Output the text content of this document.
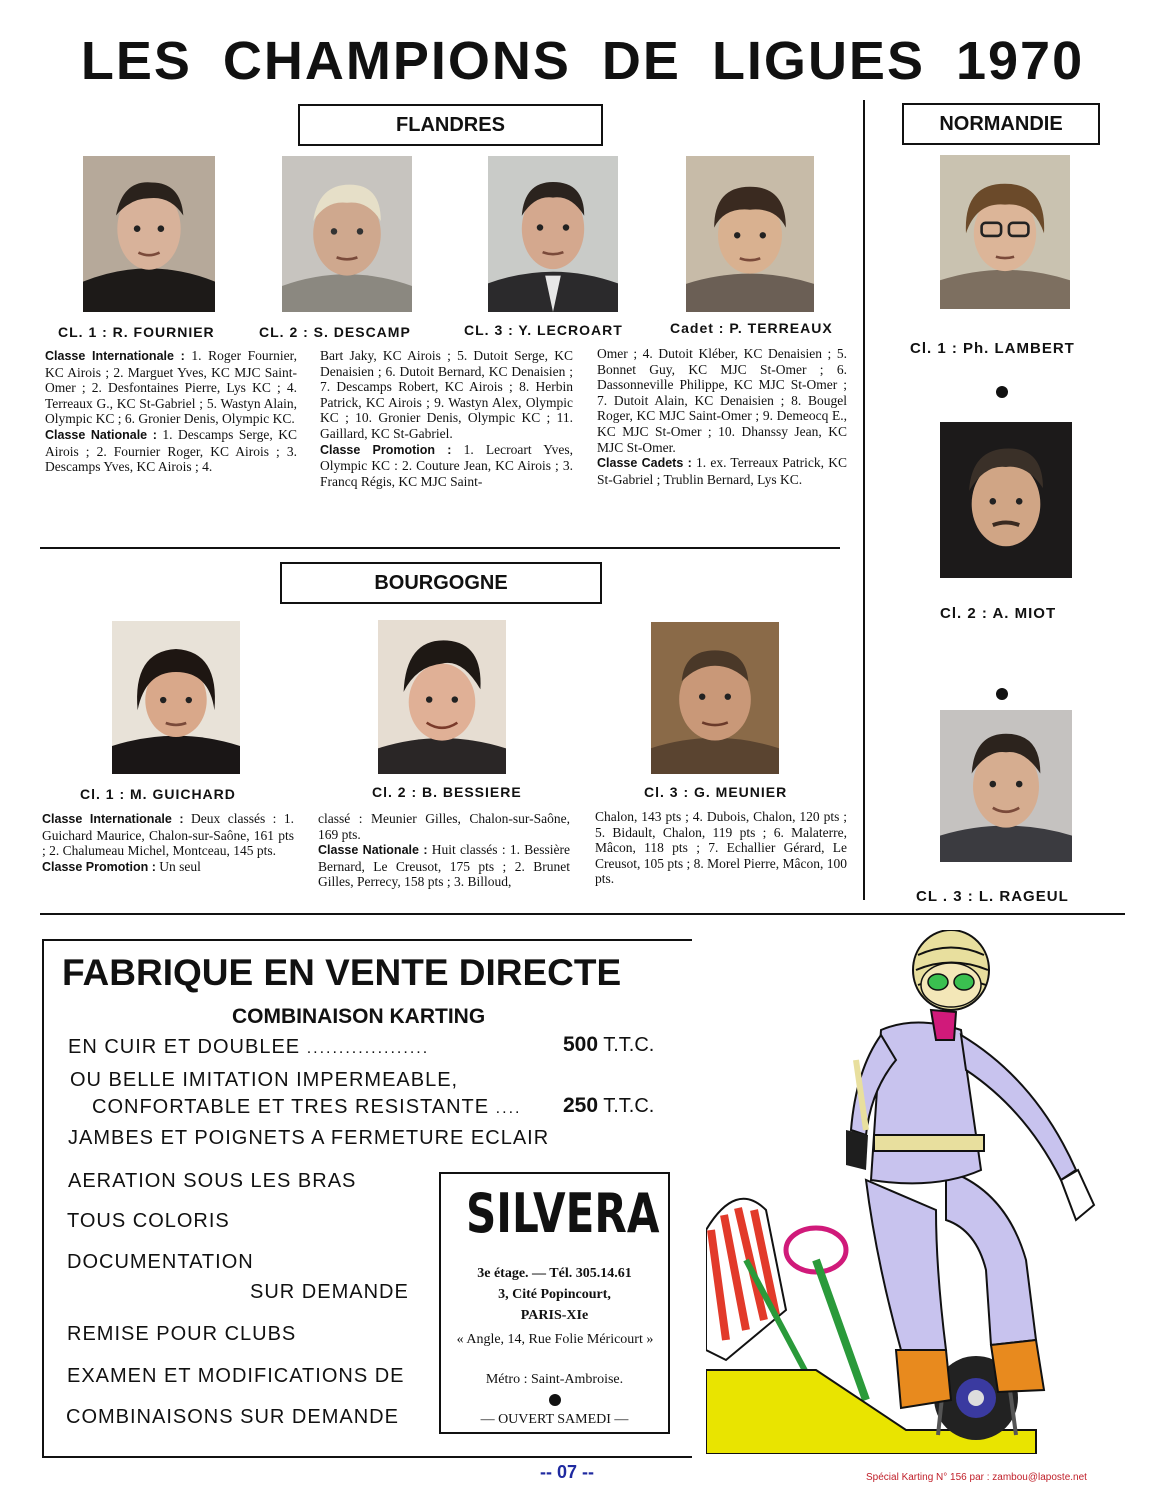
LES CHAMPIONS DE LIGUES 1970
FLANDRES
CL. 1 : R. FOURNIER	CL. 2 : S. DESCAMP	CL. 3 : Y. LECROART	Cadet : P. TERREAUX
Classe Internationale : 1. Roger Fournier, KC Airois ; 2. Marguet Yves, KC MJC Saint-Omer ; 2. Desfontaines Pierre, Lys KC ; 4. Terreaux G., KC St-Gabriel ; 5. Wastyn Alain, Olympic KC ; 6. Gronier Denis, Olympic KC.
Classe Nationale : 1. Descamps Serge, KC Airois ; 2. Fournier Roger, KC Airois ; 3. Descamps Yves, KC Airois ; 4.
Bart Jaky, KC Airois ; 5. Dutoit Serge, KC Denaisien ; 6. Dutoit Bernard, KC Denaisien ; 7. Descamps Robert, KC Airois ; 8. Herbin Patrick, KC Airois ; 9. Wastyn Alex, Olympic KC ; 10. Gronier Denis, Olympic KC ; 11. Gaillard, KC St-Gabriel.
Classe Promotion : 1. Lecroart Yves, Olympic KC : 2. Couture Jean, KC Airois ; 3. Francq Régis, KC MJC Saint-
Omer ; 4. Dutoit Kléber, KC Denaisien ; 5. Bonnet Guy, KC MJC St-Omer ; 6. Dassonneville Philippe, KC MJC St-Omer ; 7. Dutoit Alain, KC Denaisien ; 8. Bougel Roger, KC MJC Saint-Omer ; 9. Demeocq E., KC MJC St-Omer ; 10. Dhanssy Jean, KC MJC St-Omer.
Classe Cadets : 1. ex. Terreaux Patrick, KC St-Gabriel ; Trublin Bernard, Lys KC.
NORMANDIE
Cl. 1 : Ph. LAMBERT
Cl. 2 : A. MIOT
CL . 3 : L. RAGEUL
BOURGOGNE
Cl. 1 : M. GUICHARD	Cl. 2 : B. BESSIERE	Cl. 3 : G. MEUNIER
Classe Internationale : Deux classés : 1. Guichard Maurice, Chalon-sur-Saône, 161 pts ; 2. Chalumeau Michel, Montceau, 145 pts.
Classe Promotion : Un seul
classé : Meunier Gilles, Chalon-sur-Saône, 169 pts.
Classe Nationale : Huit classés : 1. Bessière Bernard, Le Creusot, 175 pts ; 2. Brunet Gilles, Perrecy, 158 pts ; 3. Billoud,
Chalon, 143 pts ; 4. Dubois, Chalon, 120 pts ; 5. Bidault, Chalon, 119 pts ; 6. Malaterre, Mâcon, 118 pts ; 7. Echallier Gérard, Le Creusot, 105 pts ; 8. Morel Pierre, Mâcon, 100 pts.
FABRIQUE EN VENTE DIRECTE
COMBINAISON KARTING
EN CUIR ET DOUBLEE ...................	500 T.T.C.
OU BELLE IMITATION IMPERMEABLE,
CONFORTABLE ET TRES RESISTANTE .... 250 T.T.C.
JAMBES ET POIGNETS A FERMETURE ECLAIR
AERATION SOUS LES BRAS
TOUS COLORIS
DOCUMENTATION
SUR DEMANDE
REMISE POUR CLUBS
EXAMEN ET MODIFICATIONS DE
COMBINAISONS SUR DEMANDE
SILVERA
3e étage. — Tél. 305.14.61
3, Cité Popincourt,
PARIS-XIe
« Angle, 14, Rue Folie Méricourt »
Métro : Saint-Ambroise.
— OUVERT SAMEDI —
-- 07 --	Spécial Karting N° 156 par : zambou@laposte.net
